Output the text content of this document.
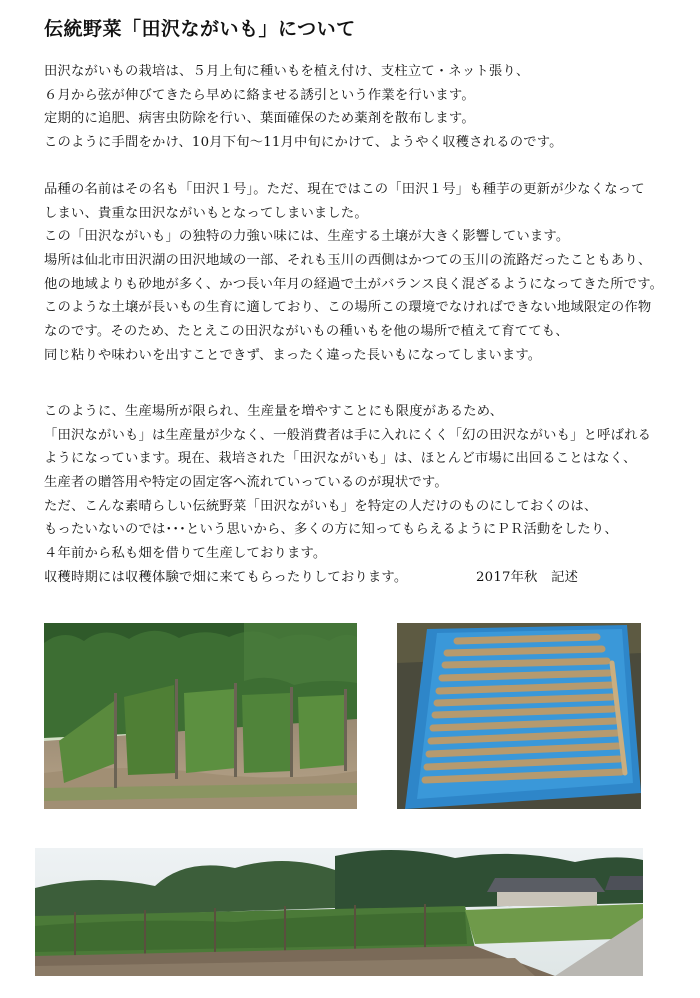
伝統野菜「田沢ながいも」について
田沢ながいもの栽培は、５月上旬に種いもを植え付け、支柱立て・ネット張り、
６月から弦が伸びてきたら早めに絡ませる誘引という作業を行います。
定期的に追肥、病害虫防除を行い、葉面確保のため薬剤を散布します。
このように手間をかけ、10月下旬〜11月中旬にかけて、ようやく収穫されるのです。
品種の名前はその名も「田沢１号」。ただ、現在ではこの「田沢１号」も種芋の更新が少なくなって
しまい、貴重な田沢ながいもとなってしまいました。
この「田沢ながいも」の独特の力強い味には、生産する土壌が大きく影響しています。
場所は仙北市田沢湖の田沢地域の一部、それも玉川の西側はかつての玉川の流路だったこともあり、
他の地域よりも砂地が多く、かつ長い年月の経過で土がバランス良く混ざるようになってきた所です。
このような土壌が長いもの生育に適しており、この場所この環境でなければできない地域限定の作物
なのです。そのため、たとえこの田沢ながいもの種いもを他の場所で植えて育てても、
同じ粘りや味わいを出すことできず、まったく違った長いもになってしまいます。
このように、生産場所が限られ、生産量を増やすことにも限度があるため、
「田沢ながいも」は生産量が少なく、一般消費者は手に入れにくく「幻の田沢ながいも」と呼ばれる
ようになっています。現在、栽培された「田沢ながいも」は、ほとんど市場に出回ることはなく、
生産者の贈答用や特定の固定客へ流れていっているのが現状です。
ただ、こんな素晴らしい伝統野菜「田沢ながいも」を特定の人だけのものにしておくのは、
もったいないのでは･･･という思いから、多くの方に知ってもらえるようにＰＲ活動をしたり、
４年前から私も畑を借りて生産しております。
収穫時期には収穫体験で畑に来てもらったりしております。	2017年秋　記述
